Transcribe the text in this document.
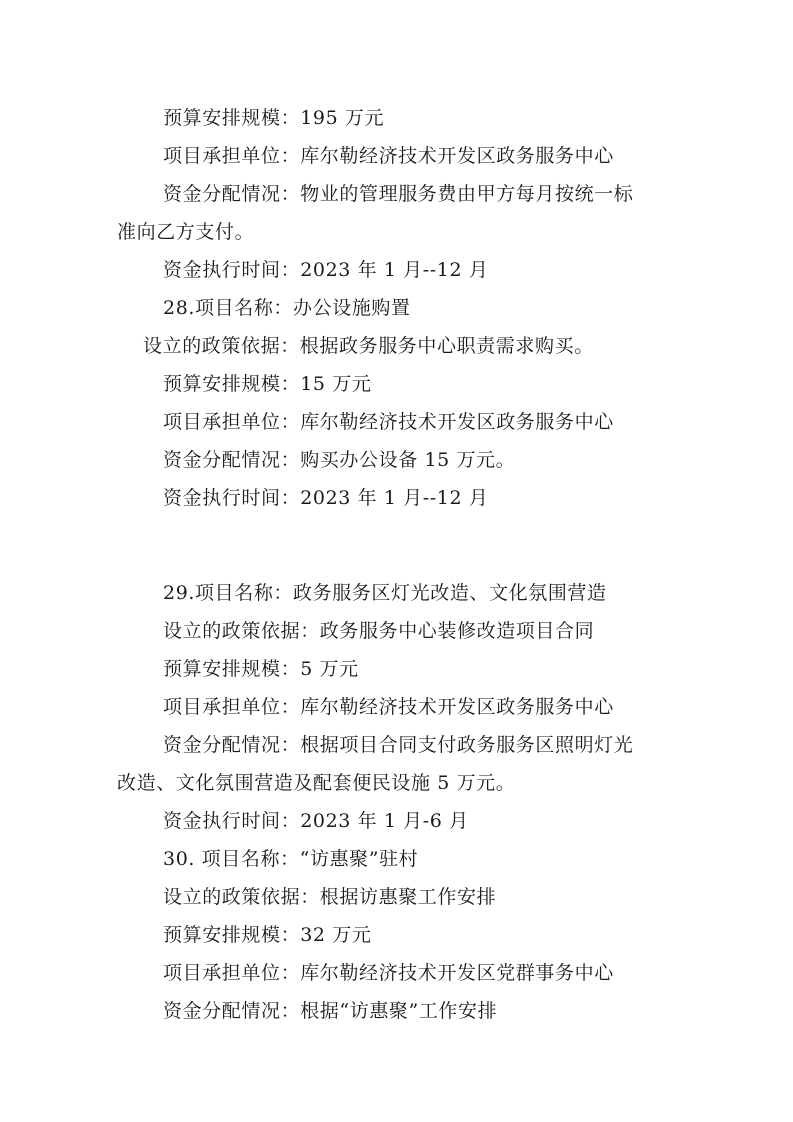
预算安排规模：195 万元
项目承担单位：库尔勒经济技术开发区政务服务中心
资金分配情况：物业的管理服务费由甲方每月按统一标
准向乙方支付。
资金执行时间：2023 年 1 月--12 月
28.项目名称：办公设施购置
设立的政策依据：根据政务服务中心职责需求购买。
预算安排规模：15 万元
项目承担单位：库尔勒经济技术开发区政务服务中心
资金分配情况：购买办公设备 15 万元。
资金执行时间：2023 年 1 月--12 月
29.项目名称：政务服务区灯光改造、文化氛围营造
设立的政策依据：政务服务中心装修改造项目合同
预算安排规模：5 万元
项目承担单位：库尔勒经济技术开发区政务服务中心
资金分配情况：根据项目合同支付政务服务区照明灯光
改造、文化氛围营造及配套便民设施 5 万元。
资金执行时间：2023 年 1 月-6 月
30. 项目名称：“访惠聚”驻村
设立的政策依据：根据访惠聚工作安排
预算安排规模：32 万元
项目承担单位：库尔勒经济技术开发区党群事务中心
资金分配情况：根据“访惠聚”工作安排
